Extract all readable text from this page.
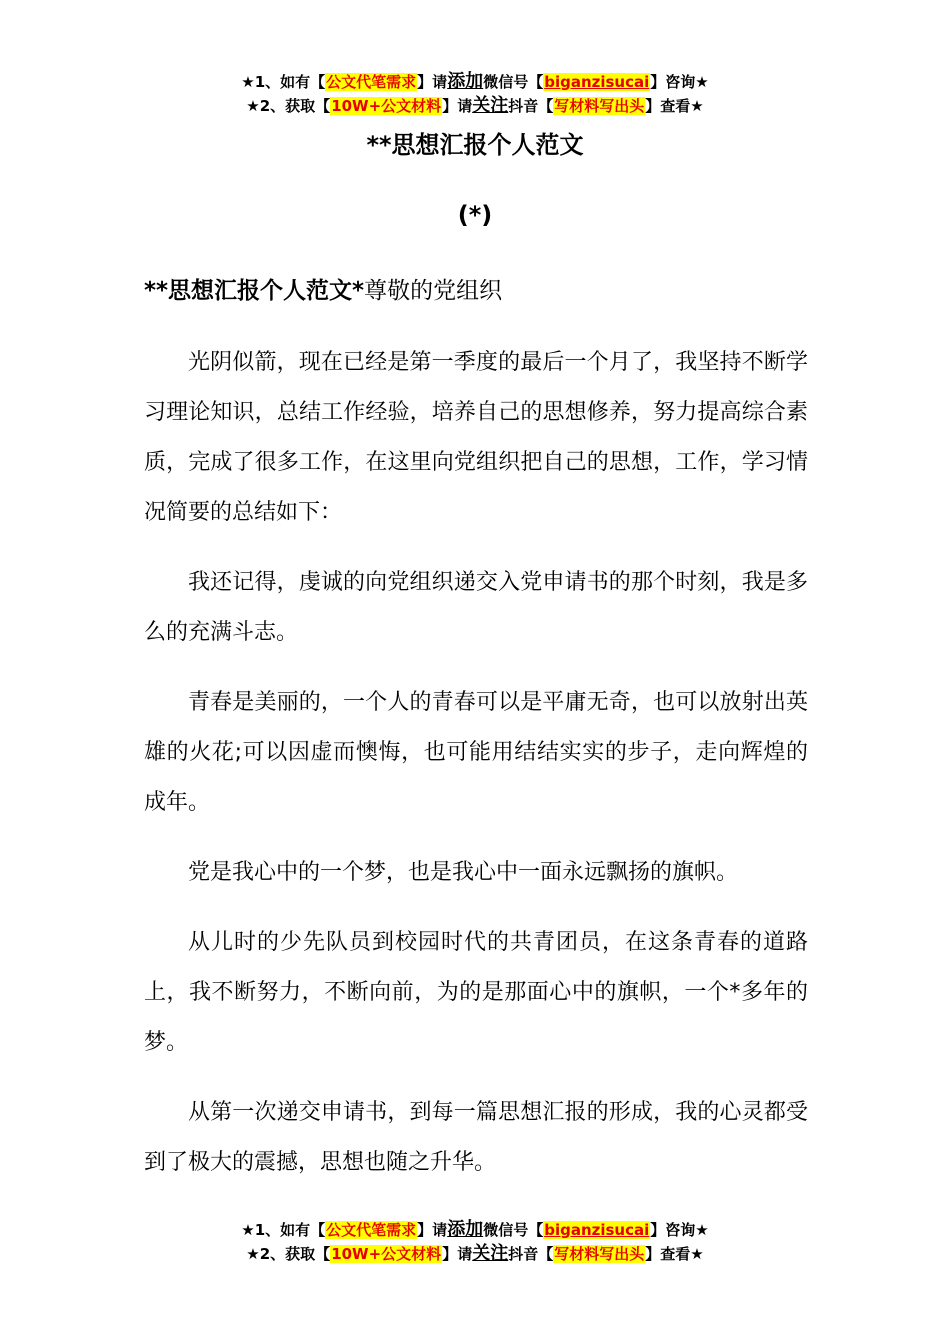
★1、如有【公文代笔需求】请添加微信号【biganzisucai】咨询★
★2、获取【10W+公文材料】请关注抖音【写材料写出头】查看★
**思想汇报个人范文
(*)
**思想汇报个人范文*尊敬的党组织

光阴似箭，现在已经是第一季度的最后一个月了，我坚持不断学习理论知识，总结工作经验，培养自己的思想修养，努力提高综合素质，完成了很多工作，在这里向党组织把自己的思想，工作，学习情况简要的总结如下：

我还记得，虔诚的向党组织递交入党申请书的那个时刻，我是多么的充满斗志。

青春是美丽的，一个人的青春可以是平庸无奇，也可以放射出英雄的火花;可以因虚而懊悔，也可能用结结实实的步子，走向辉煌的成年。

党是我心中的一个梦，也是我心中一面永远飘扬的旗帜。

从儿时的少先队员到校园时代的共青团员，在这条青春的道路上，我不断努力，不断向前，为的是那面心中的旗帜，一个*多年的梦。

从第一次递交申请书，到每一篇思想汇报的形成，我的心灵都受到了极大的震撼，思想也随之升华。

★1、如有【公文代笔需求】请添加微信号【biganzisucai】咨询★
★2、获取【10W+公文材料】请关注抖音【写材料写出头】查看★
